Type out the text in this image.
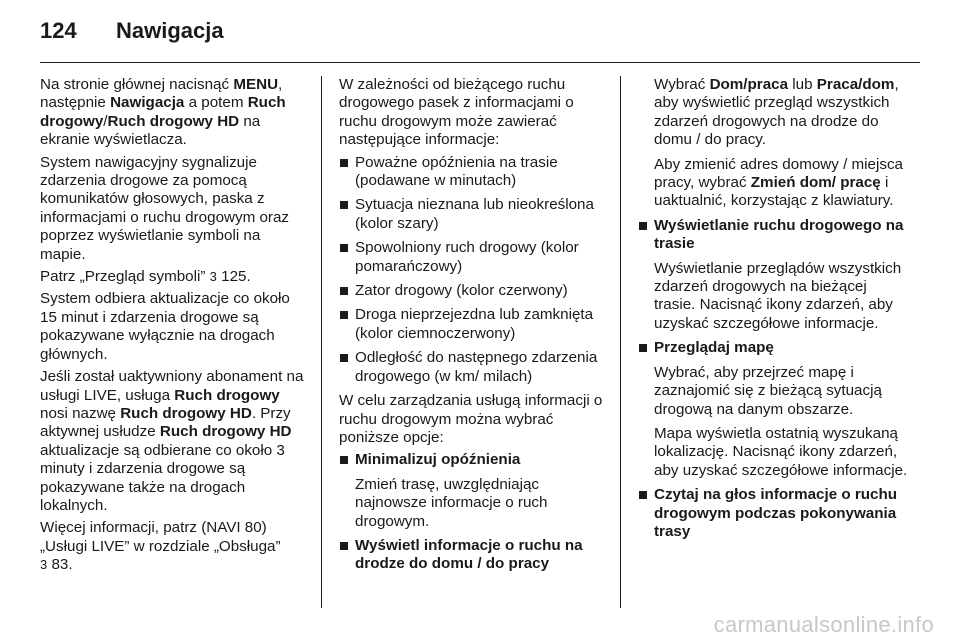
124 Nawigacja

Na stronie głównej nacisnąć MENU, następnie Nawigacja a potem Ruch drogowy/Ruch drogowy HD na ekranie wyświetlacza.

System nawigacyjny sygnalizuje zdarzenia drogowe za pomocą komunikatów głosowych, paska z informacjami o ruchu drogowym oraz poprzez wyświetlanie symboli na mapie.

Patrz „Przegląd symboli” 3 125.

System odbiera aktualizacje co około 15 minut i zdarzenia drogowe są pokazywane wyłącznie na drogach głównych.

Jeśli został uaktywniony abonament na usługi LIVE, usługa Ruch drogowy nosi nazwę Ruch drogowy HD. Przy aktywnej usłudze Ruch drogowy HD aktualizacje są odbierane co około 3 minuty i zdarzenia drogowe są pokazywane także na drogach lokalnych.

Więcej informacji, patrz (NAVI 80) „Usługi LIVE” w rozdziale „Obsługa”
3 83.

W zależności od bieżącego ruchu drogowego pasek z informacjami o ruchu drogowym może zawierać następujące informacje:

Poważne opóźnienia na trasie (podawane w minutach)
Sytuacja nieznana lub nieokreślona (kolor szary)
Spowolniony ruch drogowy (kolor pomarańczowy)
Zator drogowy (kolor czerwony)
Droga nieprzejezdna lub zamknięta (kolor ciemnoczerwony)
Odległość do następnego zdarzenia drogowego (w km/ milach)

W celu zarządzania usługą informacji o ruchu drogowym można wybrać poniższe opcje:

Minimalizuj opóźnienia

Zmień trasę, uwzględniając najnowsze informacje o ruch drogowym.

Wyświetl informacje o ruchu na drodze do domu / do pracy

Wybrać Dom/praca lub Praca/dom, aby wyświetlić przegląd wszystkich zdarzeń drogowych na drodze do domu / do pracy.

Aby zmienić adres domowy / miejsca pracy, wybrać Zmień dom/ pracę i uaktualnić, korzystając z klawiatury.

Wyświetlanie ruchu drogowego na trasie

Wyświetlanie przeglądów wszystkich zdarzeń drogowych na bieżącej trasie. Nacisnąć ikony zdarzeń, aby uzyskać szczegółowe informacje.

Przeglądaj mapę

Wybrać, aby przejrzeć mapę i zaznajomić się z bieżącą sytuacją drogową na danym obszarze.

Mapa wyświetla ostatnią wyszukaną lokalizację. Nacisnąć ikony zdarzeń, aby uzyskać szczegółowe informacje.

Czytaj na głos informacje o ruchu drogowym podczas pokonywania trasy
carmanualsonline.info
